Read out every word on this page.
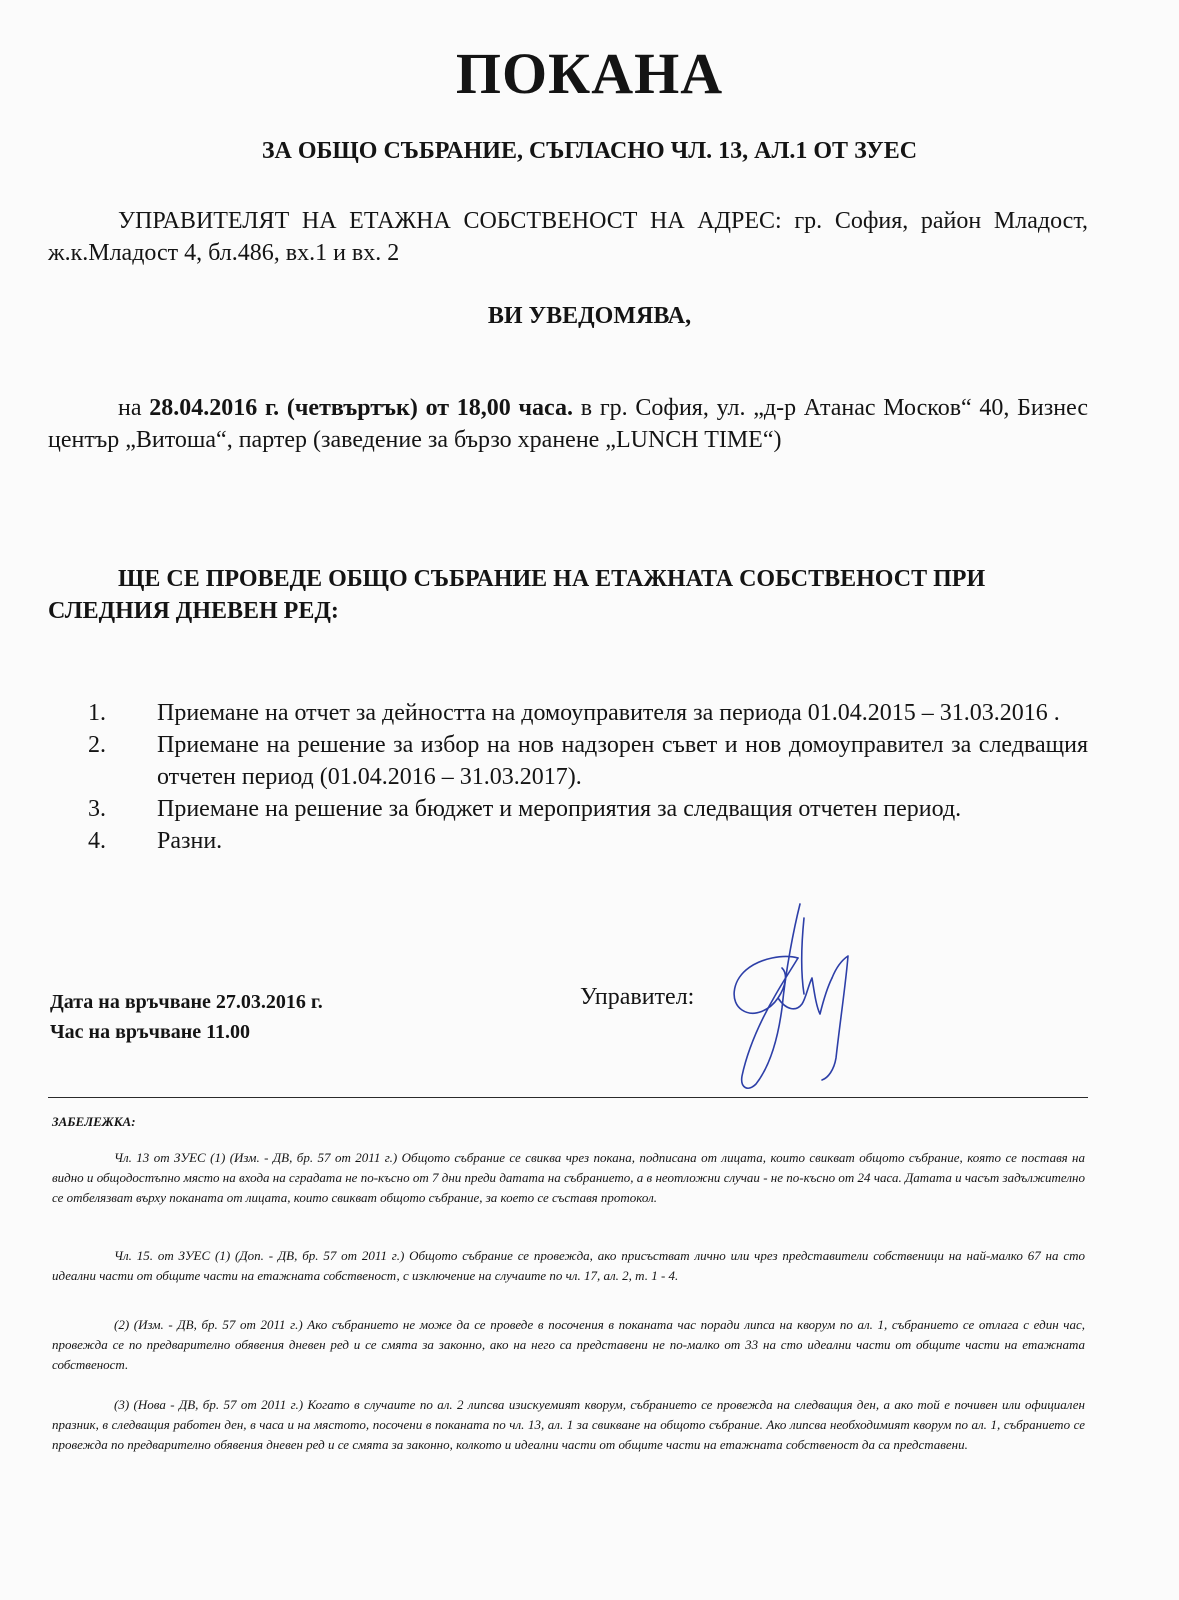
ПОКАНА
ЗА ОБЩО СЪБРАНИЕ, СЪГЛАСНО ЧЛ. 13, АЛ.1 ОТ ЗУЕС
УПРАВИТЕЛЯТ НА ЕТАЖНА СОБСТВЕНОСТ НА АДРЕС: гр. София, район Младост, ж.к.Младост 4, бл.486, вх.1 и вх. 2
ВИ УВЕДОМЯВА,
на 28.04.2016 г. (четвъртък) от 18,00 часа. в гр. София, ул. „д-р Атанас Москов“ 40, Бизнес център „Витоша“, партер (заведение за бързо хранене „LUNCH TIME“)
ЩЕ СЕ ПРОВЕДЕ ОБЩО СЪБРАНИЕ НА ЕТАЖНАТА СОБСТВЕНОСТ ПРИ СЛЕДНИЯ ДНЕВЕН РЕД:
1. Приемане на отчет за дейността на домоуправителя за периода 01.04.2015 – 31.03.2016 .
2. Приемане на решение за избор на нов надзорен съвет и нов домоуправител за следващия отчетен период (01.04.2016 – 31.03.2017).
3. Приемане на решение за бюджет и мероприятия за следващия отчетен период.
4. Разни.
Дата на връчване 27.03.2016 г.
Час на връчване 11.00
Управител:
ЗАБЕЛЕЖКА:
Чл. 13 от ЗУЕС (1) (Изм. - ДВ, бр. 57 от 2011 г.) Общото събрание се свиква чрез покана, подписана от лицата, които свикват общото събрание, която се поставя на видно и общодостъпно място на входа на сградата не по-късно от 7 дни преди датата на събранието, а в неотложни случаи - не по-късно от 24 часа. Датата и часът задължително се отбелязват върху поканата от лицата, които свикват общото събрание, за което се съставя протокол.
Чл. 15. от ЗУЕС (1) (Доп. - ДВ, бр. 57 от 2011 г.) Общото събрание се провежда, ако присъстват лично или чрез представители собственици на най-малко 67 на сто идеални части от общите части на етажната собственост, с изключение на случаите по чл. 17, ал. 2, т. 1 - 4.
(2) (Изм. - ДВ, бр. 57 от 2011 г.) Ако събранието не може да се проведе в посочения в поканата час поради липса на кворум по ал. 1, събранието се отлага с един час, провежда се по предварително обявения дневен ред и се смята за законно, ако на него са представени не по-малко от 33 на сто идеални части от общите части на етажната собственост.
(3) (Нова - ДВ, бр. 57 от 2011 г.) Когато в случаите по ал. 2 липсва изискуемият кворум, събранието се провежда на следващия ден, а ако той е почивен или официален празник, в следващия работен ден, в часа и на мястото, посочени в поканата по чл. 13, ал. 1 за свикване на общото събрание. Ако липсва необходимият кворум по ал. 1, събранието се провежда по предварително обявения дневен ред и се смята за законно, колкото и идеални части от общите части на етажната собственост да са представени.
